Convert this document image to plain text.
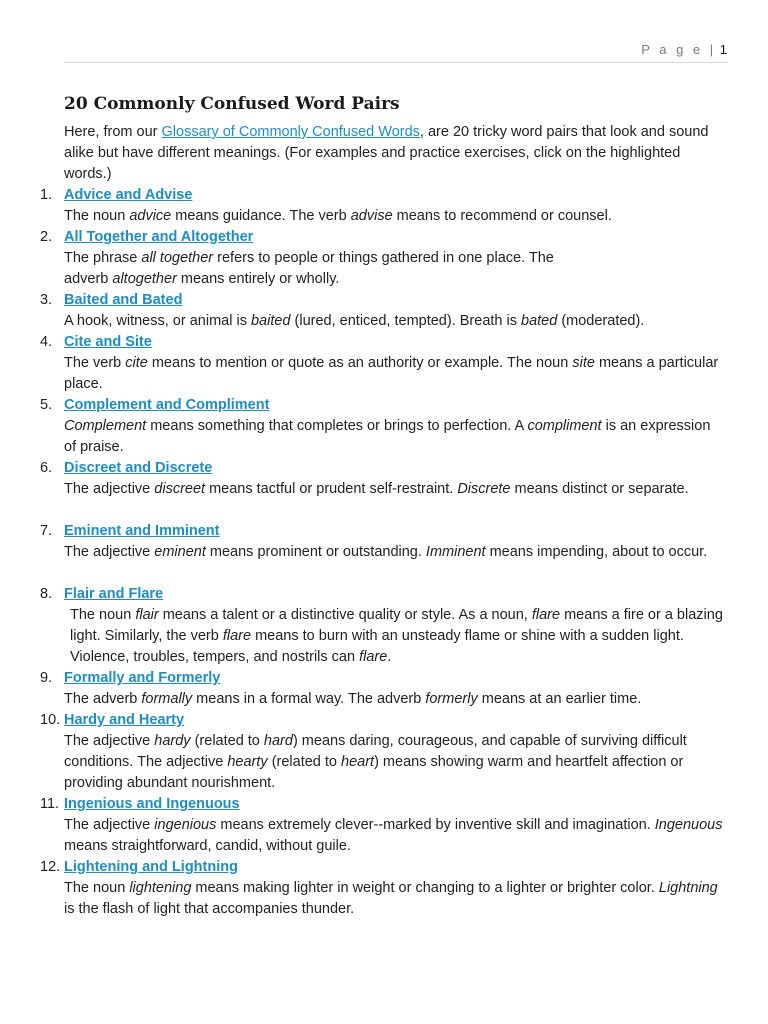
P a g e | 1
20 Commonly Confused Word Pairs

Here, from our Glossary of Commonly Confused Words, are 20 tricky word pairs that look and sound alike but have different meanings. (For examples and practice exercises, click on the highlighted words.)

1. Advice and Advise

The noun advice means guidance. The verb advise means to recommend or counsel.

2. All Together and Altogether

The phrase all together refers to people or things gathered in one place. The
adverb altogether means entirely or wholly.

3. Baited and Bated

A hook, witness, or animal is baited (lured, enticed, tempted). Breath is bated (moderated).

4. Cite and Site

The verb cite means to mention or quote as an authority or example. The noun site means a particular place.

5. Complement and Compliment

Complement means something that completes or brings to perfection. A compliment is an expression of praise.

6. Discreet and Discrete

The adjective discreet means tactful or prudent self-restraint. Discrete means distinct or separate.

7. Eminent and Imminent

The adjective eminent means prominent or outstanding. Imminent means impending, about to occur.

8. Flair and Flare

The noun flair means a talent or a distinctive quality or style. As a noun, flare means a fire or a blazing light. Similarly, the verb flare means to burn with an unsteady flame or shine with a sudden light. Violence, troubles, tempers, and nostrils can flare.

9. Formally and Formerly

The adverb formally means in a formal way. The adverb formerly means at an earlier time.

10. Hardy and Hearty

The adjective hardy (related to hard) means daring, courageous, and capable of surviving difficult conditions. The adjective hearty (related to heart) means showing warm and heartfelt affection or providing abundant nourishment.

11. Ingenious and Ingenuous

The adjective ingenious means extremely clever--marked by inventive skill and imagination. Ingenuous means straightforward, candid, without guile.

12. Lightening and Lightning

The noun lightening means making lighter in weight or changing to a lighter or brighter color. Lightning is the flash of light that accompanies thunder.
